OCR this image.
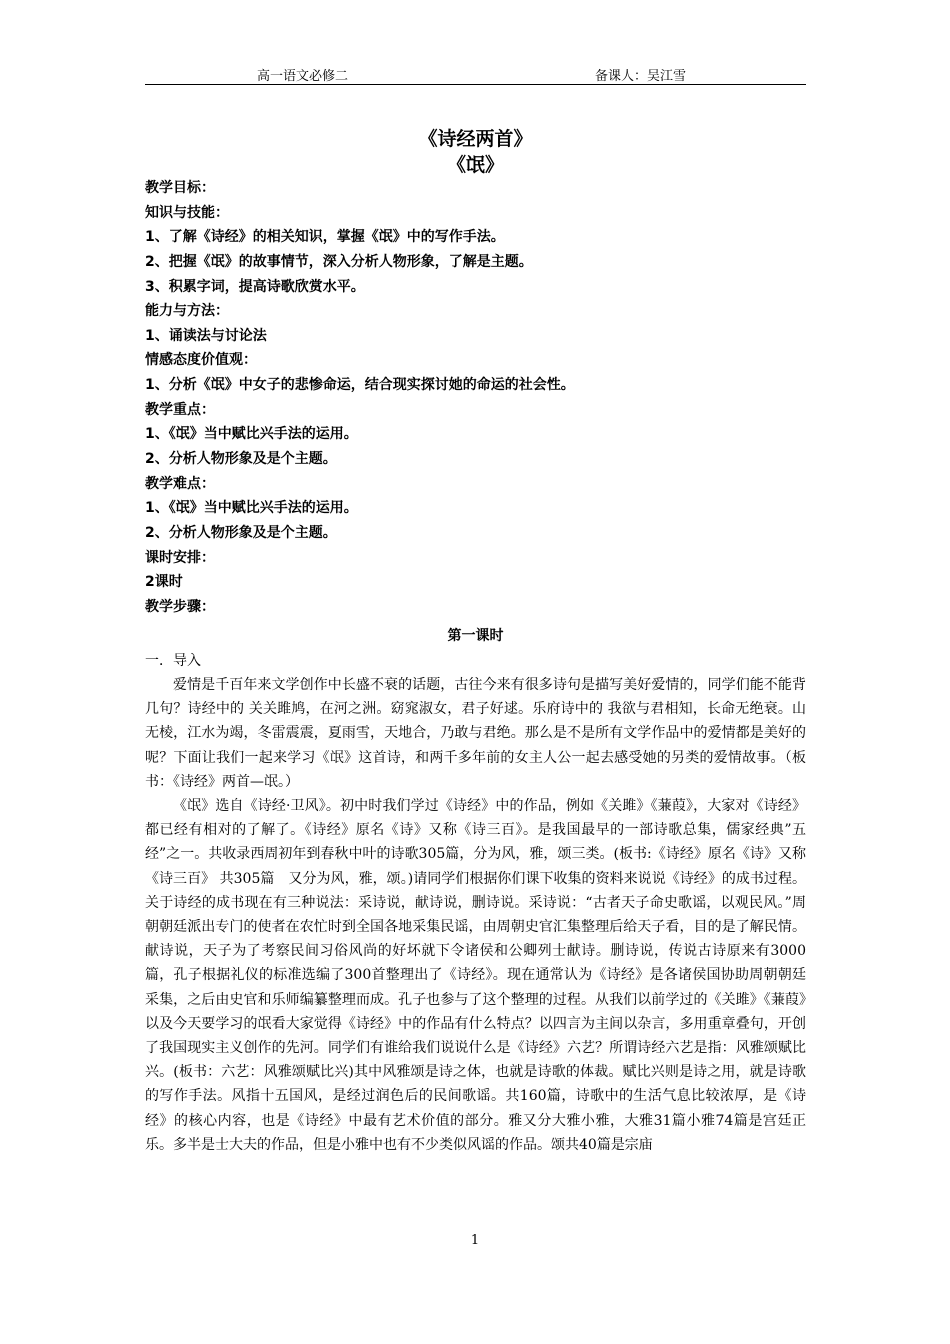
高一语文必修二	备课人：吴江雪
《诗经两首》
《氓》
教学目标：
知识与技能：
1、了解《诗经》的相关知识，掌握《氓》中的写作手法。
2、把握《氓》的故事情节，深入分析人物形象，了解是主题。
3、积累字词，提高诗歌欣赏水平。
能力与方法：
1、诵读法与讨论法
情感态度价值观：
1、分析《氓》中女子的悲惨命运，结合现实探讨她的命运的社会性。
教学重点：
1、《氓》当中赋比兴手法的运用。
2、分析人物形象及是个主题。
教学难点：
1、《氓》当中赋比兴手法的运用。
2、分析人物形象及是个主题。
课时安排：
2课时
教学步骤：
第一课时
一．导入

爱情是千百年来文学创作中长盛不衰的话题，古往今来有很多诗句是描写美好爱情的，同学们能不能背几句？诗经中的 关关雎鸠，在河之洲。窈窕淑女，君子好逑。乐府诗中的 我欲与君相知，长命无绝衰。山无棱，江水为竭，冬雷震震，夏雨雪，天地合，乃敢与君绝。那么是不是所有文学作品中的爱情都是美好的呢？下面让我们一起来学习《氓》这首诗，和两千多年前的女主人公一起去感受她的另类的爱情故事。（板书：《诗经》两首—氓。）

《氓》选自《诗经·卫风》。初中时我们学过《诗经》中的作品，例如《关雎》《蒹葭》，大家对《诗经》都已经有相对的了解了。《诗经》原名《诗》又称《诗三百》。是我国最早的一部诗歌总集，儒家经典”五经”之一。共收录西周初年到春秋中叶的诗歌305篇，分为风，雅，颂三类。(板书:《诗经》原名《诗》又称《诗三百》 共305篇　又分为风，雅，颂。)请同学们根据你们课下收集的资料来说说《诗经》的成书过程。关于诗经的成书现在有三种说法：采诗说，献诗说，删诗说。采诗说：“古者天子命史歌谣，以观民风。”周朝朝廷派出专门的使者在农忙时到全国各地采集民谣，由周朝史官汇集整理后给天子看，目的是了解民情。献诗说，天子为了考察民间习俗风尚的好坏就下令诸侯和公卿列士献诗。删诗说，传说古诗原来有3000篇，孔子根据礼仪的标准选编了300首整理出了《诗经》。现在通常认为《诗经》是各诸侯国协助周朝朝廷采集，之后由史官和乐师编纂整理而成。孔子也参与了这个整理的过程。从我们以前学过的《关雎》《蒹葭》以及今天要学习的氓看大家觉得《诗经》中的作品有什么特点？以四言为主间以杂言，多用重章叠句，开创了我国现实主义创作的先河。同学们有谁给我们说说什么是《诗经》六艺？所谓诗经六艺是指：风雅颂赋比兴。(板书：六艺：风雅颂赋比兴)其中风雅颂是诗之体，也就是诗歌的体裁。赋比兴则是诗之用，就是诗歌的写作手法。风指十五国风，是经过润色后的民间歌谣。共160篇，诗歌中的生活气息比较浓厚，是《诗经》的核心内容，也是《诗经》中最有艺术价值的部分。雅又分大雅小雅，大雅31篇小雅74篇是宫廷正乐。多半是士大夫的作品，但是小雅中也有不少类似风谣的作品。颂共40篇是宗庙

1
